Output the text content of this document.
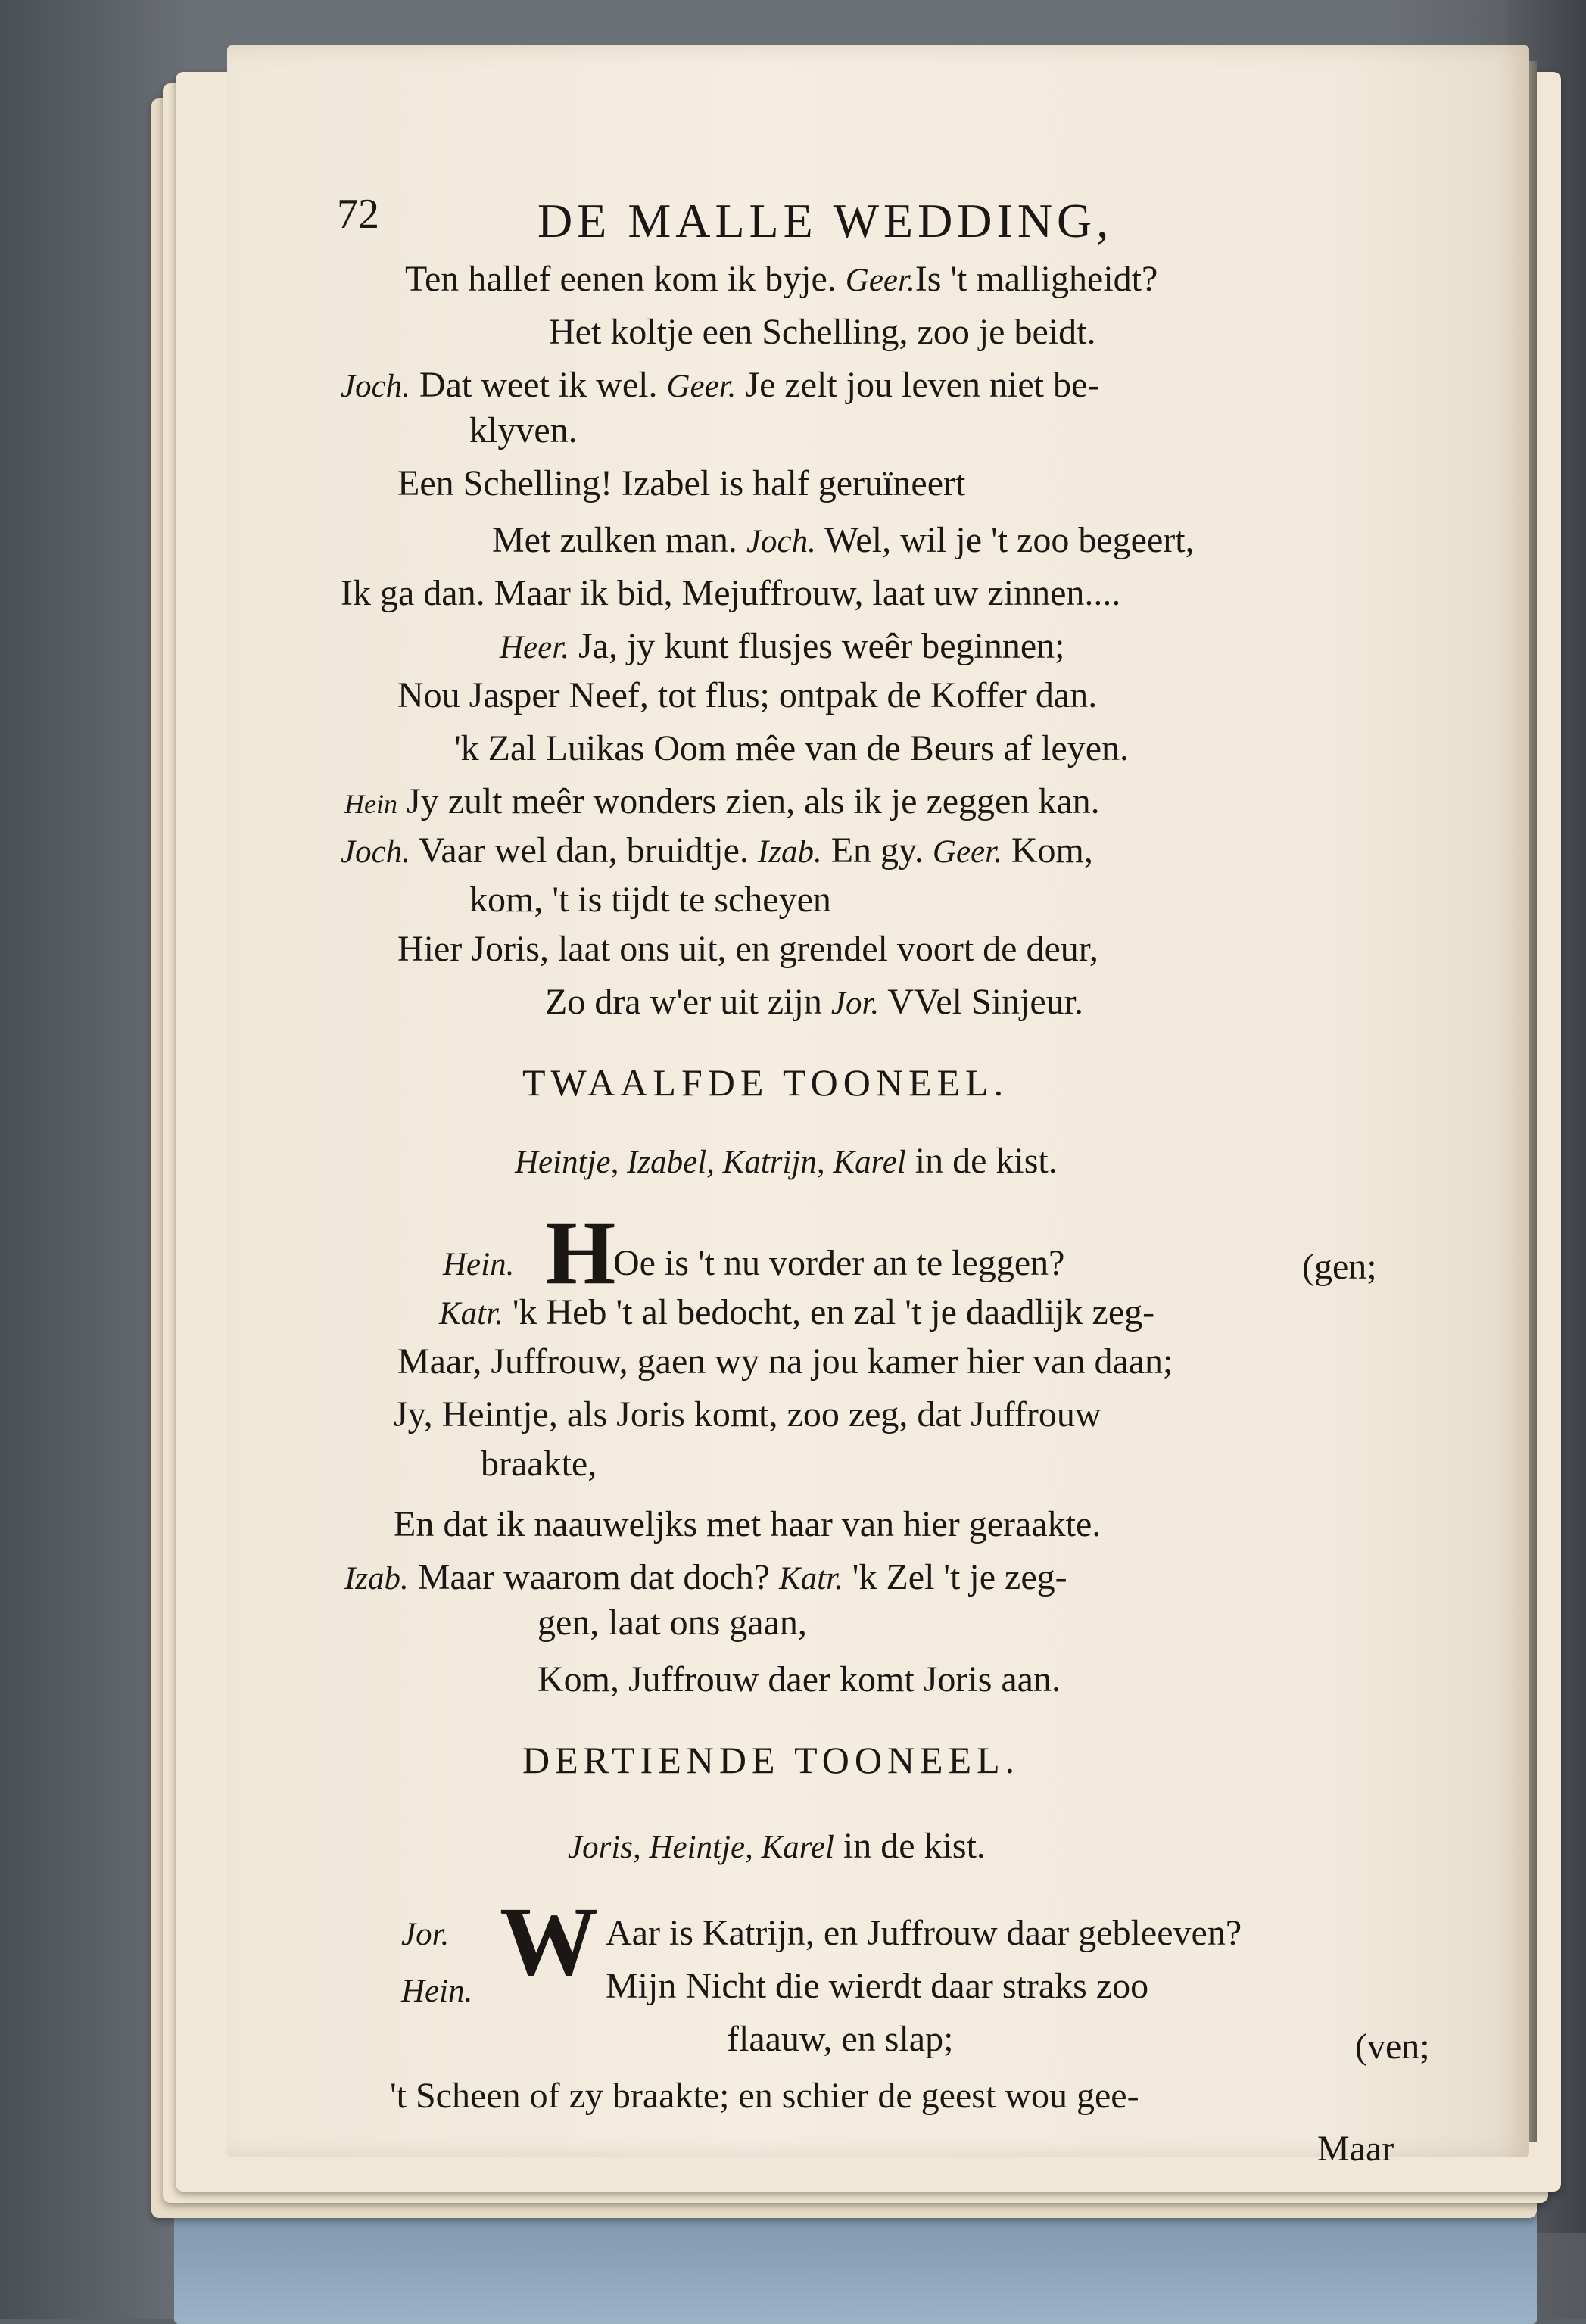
72	DE MALLE WEDDING,
Ten hallef eenen kom ik byje. Geer.Is 't malligheidt?
Het koltje een Schelling, zoo je beidt.
Joch. Dat weet ik wel. Geer. Je zelt jou leven niet be-
klyven.
Een Schelling! Izabel is half geruïneert
Met zulken man. Joch. Wel, wil je 't zoo begeert,
Ik ga dan. Maar ik bid, Mejuffrouw, laat uw zinnen....
Heer. Ja, jy kunt flusjes weêr beginnen;
Nou Jasper Neef, tot flus; ontpak de Koffer dan.
'k Zal Luikas Oom mêe van de Beurs af leyen.
Hein Jy zult meêr wonders zien, als ik je zeggen kan.
Joch. Vaar wel dan, bruidtje. Izab. En gy. Geer. Kom,
kom, 't is tijdt te scheyen
Hier Joris, laat ons uit, en grendel voort de deur,
Zo dra w'er uit zijn Jor. VVel Sinjeur.
TWAALFDE TOONEEL.
Heintje, Izabel, Katrijn, Karel in de kist.
Hein. H
Oe is 't nu vorder an te leggen?	(gen;
Katr. 'k Heb 't al bedocht, en zal 't je daadlijk zeg-
Maar, Juffrouw, gaen wy na jou kamer hier van daan;
Jy, Heintje, als Joris komt, zoo zeg, dat Juffrouw
braakte,
En dat ik naauweljks met haar van hier geraakte.
Izab. Maar waarom dat doch? Katr. 'k Zel 't je zeg-
gen, laat ons gaan,
Kom, Juffrouw daer komt Joris aan.
DERTIENDE TOONEEL.
Joris, Heintje, Karel in de kist.
Jor. W Aar is Katrijn, en Juffrouw daar gebleeven?
Hein.	Mijn Nicht die wierdt daar straks zoo
flaauw, en slap;	(ven;
't Scheen of zy braakte; en schier de geest wou gee-
Maar
